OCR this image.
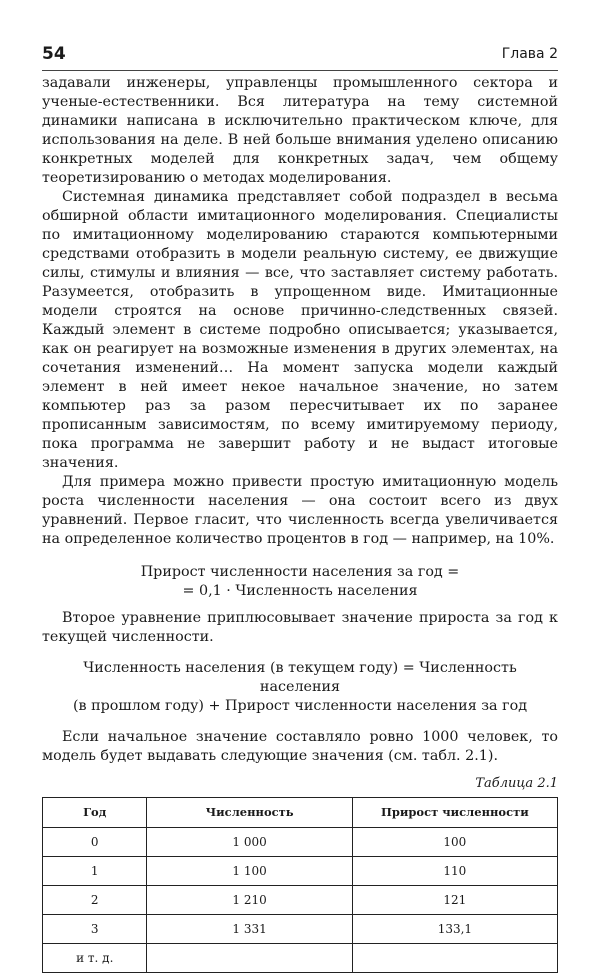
54	Глава 2

задавали инженеры, управленцы промышленного сектора и ученые-естественники. Вся литература на тему системной динамики написана в исключительно практическом ключе, для использования на деле. В ней больше внимания уделено описанию конкретных моделей для конкретных задач, чем общему теоретизированию о методах моделирования.

Системная динамика представляет собой подраздел в весьма обширной области имитационного моделирования. Специалисты по имитационному моделированию стараются компьютерными средствами отобразить в модели реальную систему, ее движущие силы, стимулы и влияния — все, что заставляет систему работать. Разумеется, отобразить в упрощенном виде. Имитационные модели строятся на основе причинно-следственных связей. Каждый элемент в системе подробно описывается; указывается, как он реагирует на возможные изменения в других элементах, на сочетания изменений… На момент запуска модели каждый элемент в ней имеет некое начальное значение, но затем компьютер раз за разом пересчитывает их по заранее прописанным зависимостям, по всему имитируемому периоду, пока программа не завершит работу и не выдаст итоговые значения.

Для примера можно привести простую имитационную модель роста численности населения — она состоит всего из двух уравнений. Первое гласит, что численность всегда увеличивается на определенное количество процентов в год — например, на 10%.

Прирост численности населения за год =

= 0,1 · Численность населения

Второе уравнение приплюсовывает значение прироста за год к текущей численности.

Численность населения (в текущем году) = Численность населения

(в прошлом году) + Прирост численности населения за год

Если начальное значение составляло ровно 1000 человек, то модель будет выдавать следующие значения (см. табл. 2.1).

Таблица 2.1
Год	Численность	Прирост численности
0	1 000	100
1	1 100	110
2	1 210	121
3	1 331	133,1
и т. д.		
